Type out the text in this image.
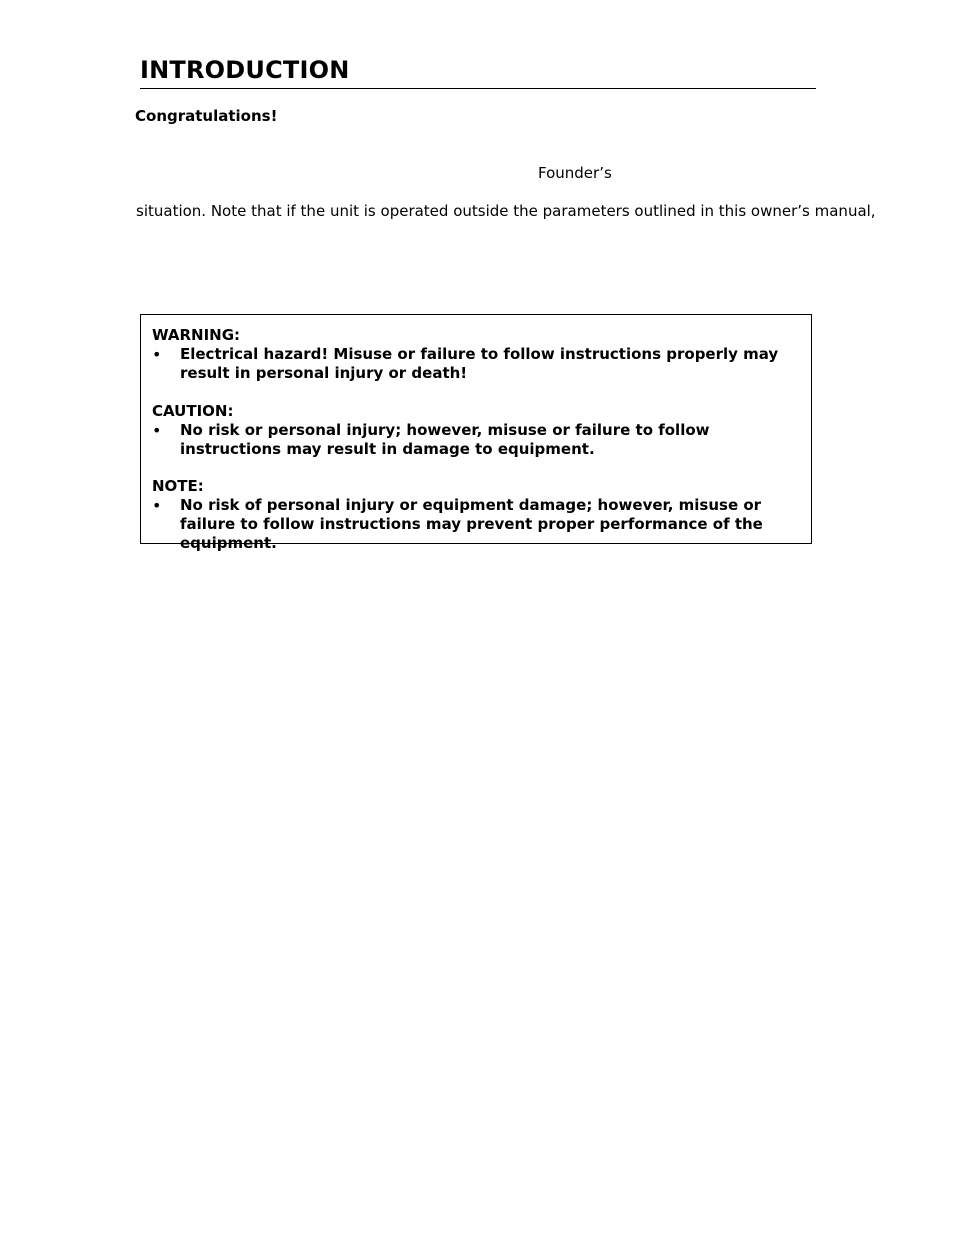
INTRODUCTION
Congratulations!
Founder’s
situation. Note that if the unit is operated outside the parameters outlined in this owner’s manual,
WARNING:
• Electrical hazard! Misuse or failure to follow instructions properly may result in personal injury or death!
CAUTION:
• No risk or personal injury; however, misuse or failure to follow instructions may result in damage to equipment.
NOTE:
• No risk of personal injury or equipment damage; however, misuse or failure to follow instructions may prevent proper performance of the equipment.
